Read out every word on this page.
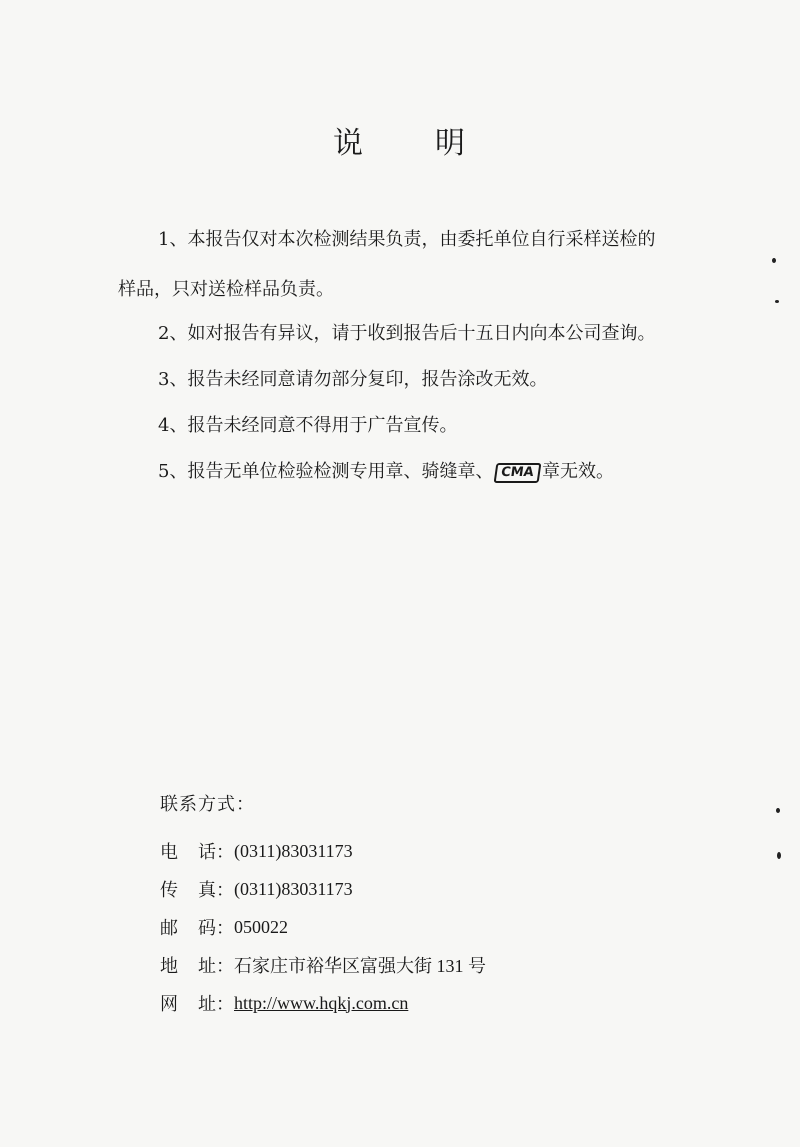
说 明

1、本报告仅对本次检测结果负责，由委托单位自行采样送检的
样品，只对送检样品负责。

2、如对报告有异议，请于收到报告后十五日内向本公司查询。

3、报告未经同意请勿部分复印，报告涂改无效。

4、报告未经同意不得用于广告宣传。

5、报告无单位检验检测专用章、骑缝章、 CMA 章无效。

联系方式：

电 话： (0311)83031173
传 真： (0311)83031173
邮 码： 050022
地 址： 石家庄市裕华区富强大街 131 号
网 址： http://www.hqkj.com.cn
